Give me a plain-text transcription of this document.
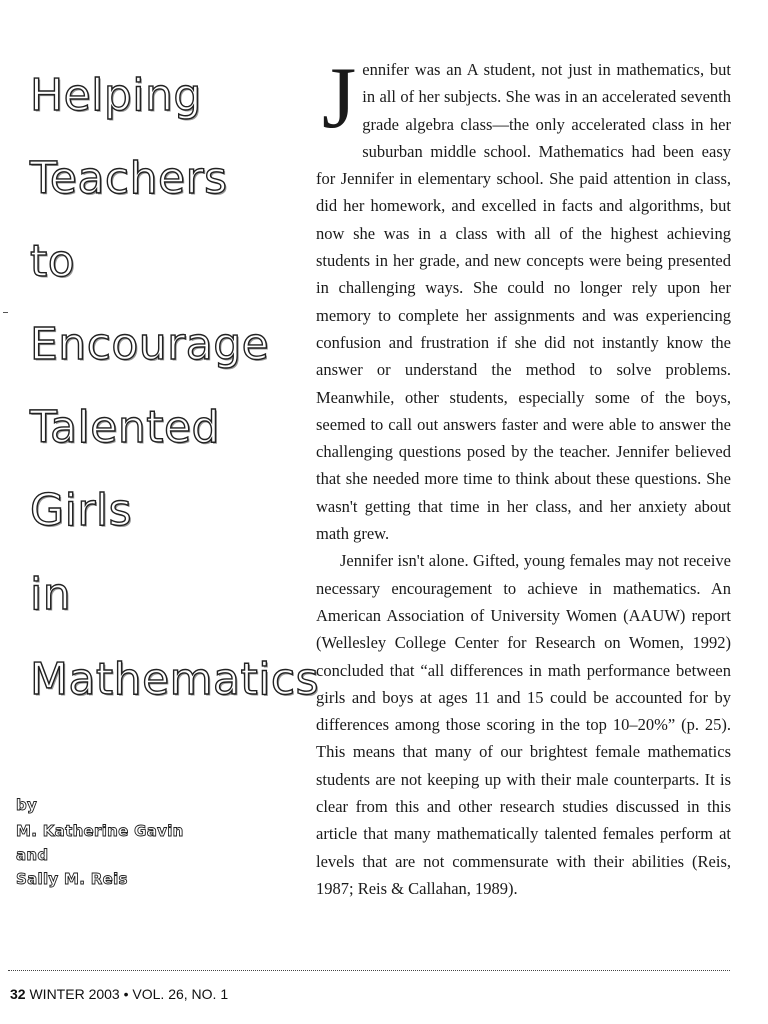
Helping
Teachers
to
Encourage
Talented
Girls
in
Mathematics
by
M. Katherine Gavin
and
Sally M. Reis

Jennifer was an A student, not just in mathematics, but in all of her subjects. She was in an accelerated seventh grade algebra class—the only accelerated class in her suburban middle school. Mathematics had been easy for Jennifer in elementary school. She paid attention in class, did her homework, and excelled in facts and algorithms, but now she was in a class with all of the highest achieving students in her grade, and new concepts were being presented in challenging ways. She could no longer rely upon her memory to complete her assignments and was experiencing confusion and frustration if she did not instantly know the answer or understand the method to solve problems. Meanwhile, other students, especially some of the boys, seemed to call out answers faster and were able to answer the challenging questions posed by the teacher. Jennifer believed that she needed more time to think about these questions. She wasn't getting that time in her class, and her anxiety about math grew.

Jennifer isn't alone. Gifted, young females may not receive necessary encouragement to achieve in mathematics. An American Association of University Women (AAUW) report (Wellesley College Center for Research on Women, 1992) concluded that “all differences in math performance between girls and boys at ages 11 and 15 could be accounted for by differences among those scoring in the top 10–20%” (p. 25). This means that many of our brightest female mathematics students are not keeping up with their male counterparts. It is clear from this and other research studies discussed in this article that many mathematically talented females perform at levels that are not commensurate with their abilities (Reis, 1987; Reis & Callahan, 1989).

32 WINTER 2003 • VOL. 26, NO. 1
